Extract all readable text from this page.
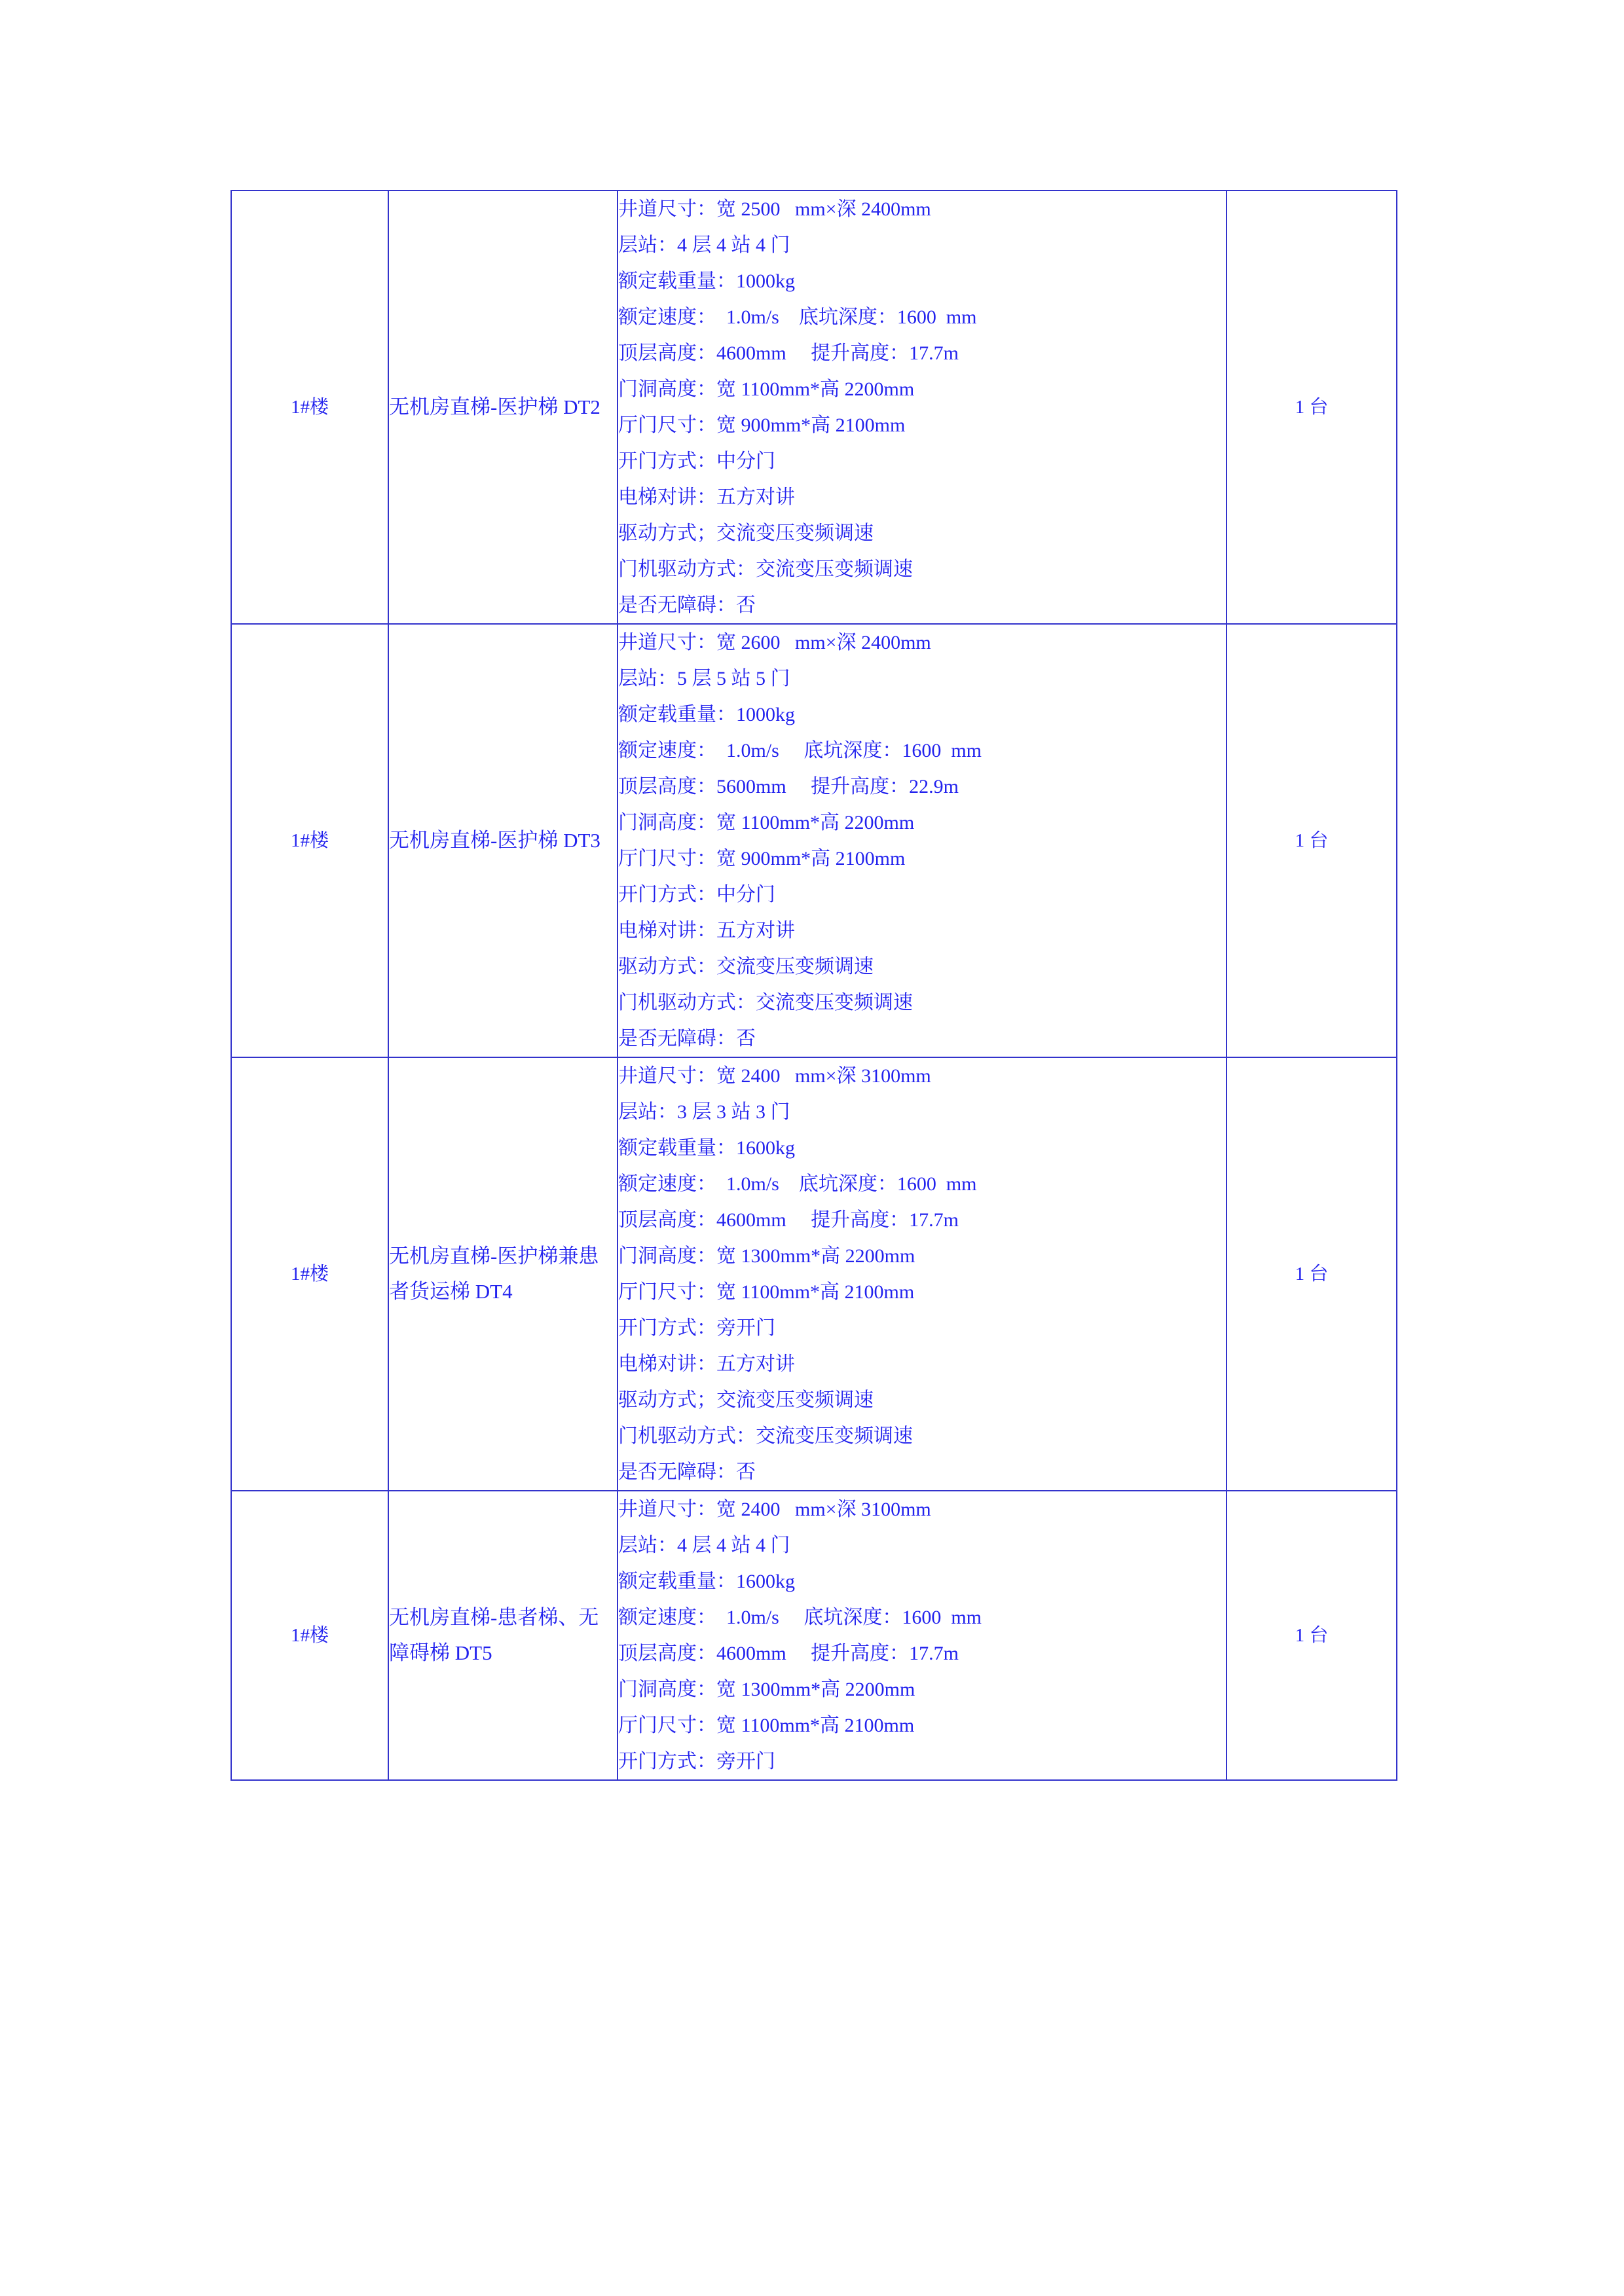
1#楼	无机房直梯-医护梯 DT2	
井道尺寸：宽 2500   mm×深 2400mm
层站：4 层 4 站 4 门
额定载重量：1000kg
额定速度：  1.0m/s    底坑深度：1600  mm
顶层高度：4600mm     提升高度：17.7m
门洞高度：宽 1100mm*高 2200mm
厅门尺寸：宽 900mm*高 2100mm
开门方式：中分门
电梯对讲：五方对讲
驱动方式；交流变压变频调速
门机驱动方式：交流变压变频调速
是否无障碍：否
	1 台
1#楼	无机房直梯-医护梯 DT3	
井道尺寸：宽 2600   mm×深 2400mm
层站：5 层 5 站 5 门
额定载重量：1000kg
额定速度：  1.0m/s     底坑深度：1600  mm
顶层高度：5600mm     提升高度：22.9m
门洞高度：宽 1100mm*高 2200mm
厅门尺寸：宽 900mm*高 2100mm
开门方式：中分门
电梯对讲：五方对讲
驱动方式：交流变压变频调速
门机驱动方式：交流变压变频调速
是否无障碍：否
	1 台
1#楼	无机房直梯-医护梯兼患者货运梯 DT4	
井道尺寸：宽 2400   mm×深 3100mm
层站：3 层 3 站 3 门
额定载重量：1600kg
额定速度：  1.0m/s    底坑深度：1600  mm
顶层高度：4600mm     提升高度：17.7m
门洞高度：宽 1300mm*高 2200mm
厅门尺寸：宽 1100mm*高 2100mm
开门方式：旁开门
电梯对讲：五方对讲
驱动方式；交流变压变频调速
门机驱动方式：交流变压变频调速
是否无障碍：否
	1 台
1#楼	无机房直梯-患者梯、无障碍梯 DT5	
井道尺寸：宽 2400   mm×深 3100mm
层站：4 层 4 站 4 门
额定载重量：1600kg
额定速度：  1.0m/s     底坑深度：1600  mm
顶层高度：4600mm     提升高度：17.7m
门洞高度：宽 1300mm*高 2200mm
厅门尺寸：宽 1100mm*高 2100mm
开门方式：旁开门
	1 台
